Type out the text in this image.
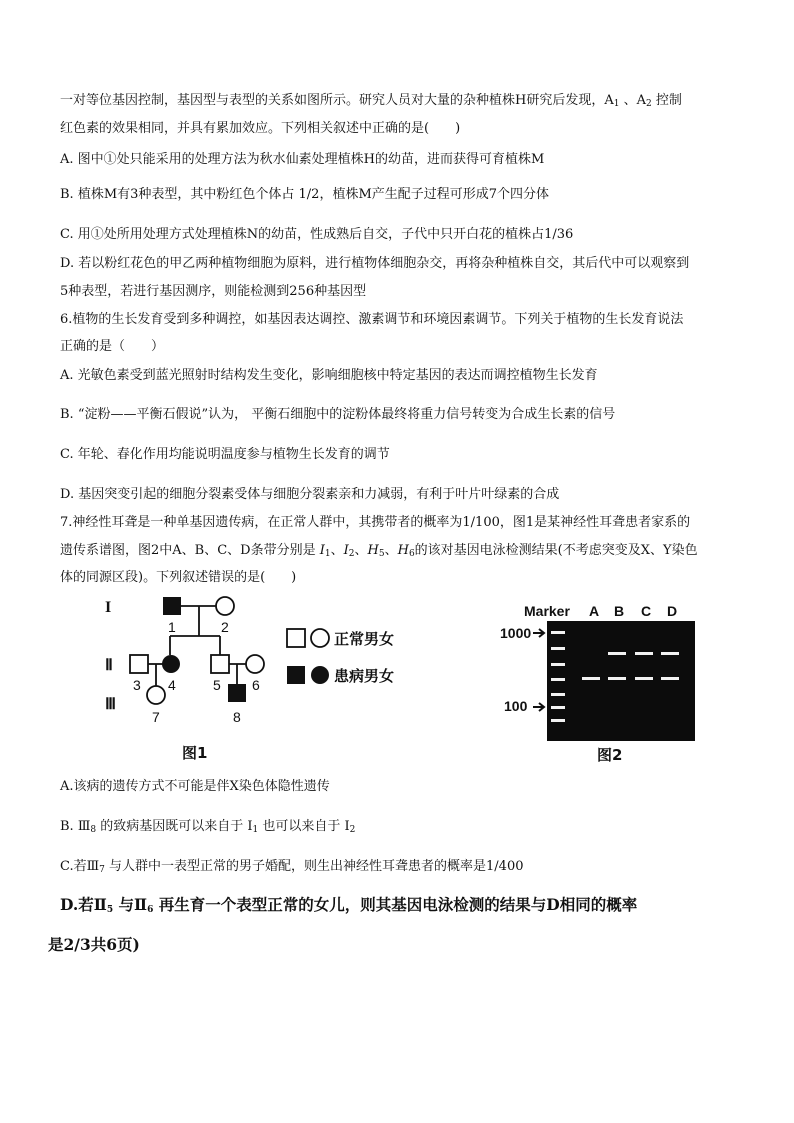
一对等位基因控制，基因型与表型的关系如图所示。研究人员对大量的杂种植株H研究后发现，$A_1$ 、$A_2$ 控制
红色素的效果相同，并具有累加效应。下列相关叙述中正确的是(　　)
A. 图中①处只能采用的处理方法为秋水仙素处理植株H的幼苗，进而获得可育植株M
B. 植株M有3种表型，其中粉红色个体占 1/2，植株M产生配子过程可形成7个四分体
C. 用①处所用处理方式处理植株N的幼苗，性成熟后自交，子代中只开白花的植株占1/36
D. 若以粉红花色的甲乙两种植物细胞为原料，进行植物体细胞杂交，再将杂种植株自交，其后代中可以观察到
5种表型，若进行基因测序，则能检测到256种基因型
6.植物的生长发育受到多种调控，如基因表达调控、激素调节和环境因素调节。下列关于植物的生长发育说法
正确的是（　　）
A. 光敏色素受到蓝光照射时结构发生变化，影响细胞核中特定基因的表达而调控植物生长发育
B. “淀粉——平衡石假说”认为， 平衡石细胞中的淀粉体最终将重力信号转变为合成生长素的信号
C. 年轮、春化作用均能说明温度参与植物生长发育的调节
D. 基因突变引起的细胞分裂素受体与细胞分裂素亲和力减弱，有利于叶片叶绿素的合成
7.神经性耳聋是一种单基因遗传病，在正常人群中，其携带者的概率为1/100，图1是某神经性耳聋患者家系的
遗传系谱图，图2中A、B、C、D条带分别是 $I_1$、$I_2$、$H_5$、$H_6$的该对基因电泳检测结果(不考虑突变及X、Y染色
体的同源区段)。下列叙述错误的是(　　)
I
Ⅱ
Ⅲ
1	2
3 4	5 6
7	8
正常男女
患病男女
图1
Marker A B C D
1000
100
图2
A.该病的遗传方式不可能是伴X染色体隐性遗传
B. $Ⅲ_8$ 的致病基因既可以来自于 $I_1$ 也可以来自于 $I_2$
C.若$Ⅲ_7$ 与人群中一表型正常的男子婚配，则生出神经性耳聋患者的概率是1/400
D.若$Ⅱ_5$ 与$Ⅱ_6$ 再生育一个表型正常的女儿，则其基因电泳检测的结果与D相同的概率
是2/3共6页)
